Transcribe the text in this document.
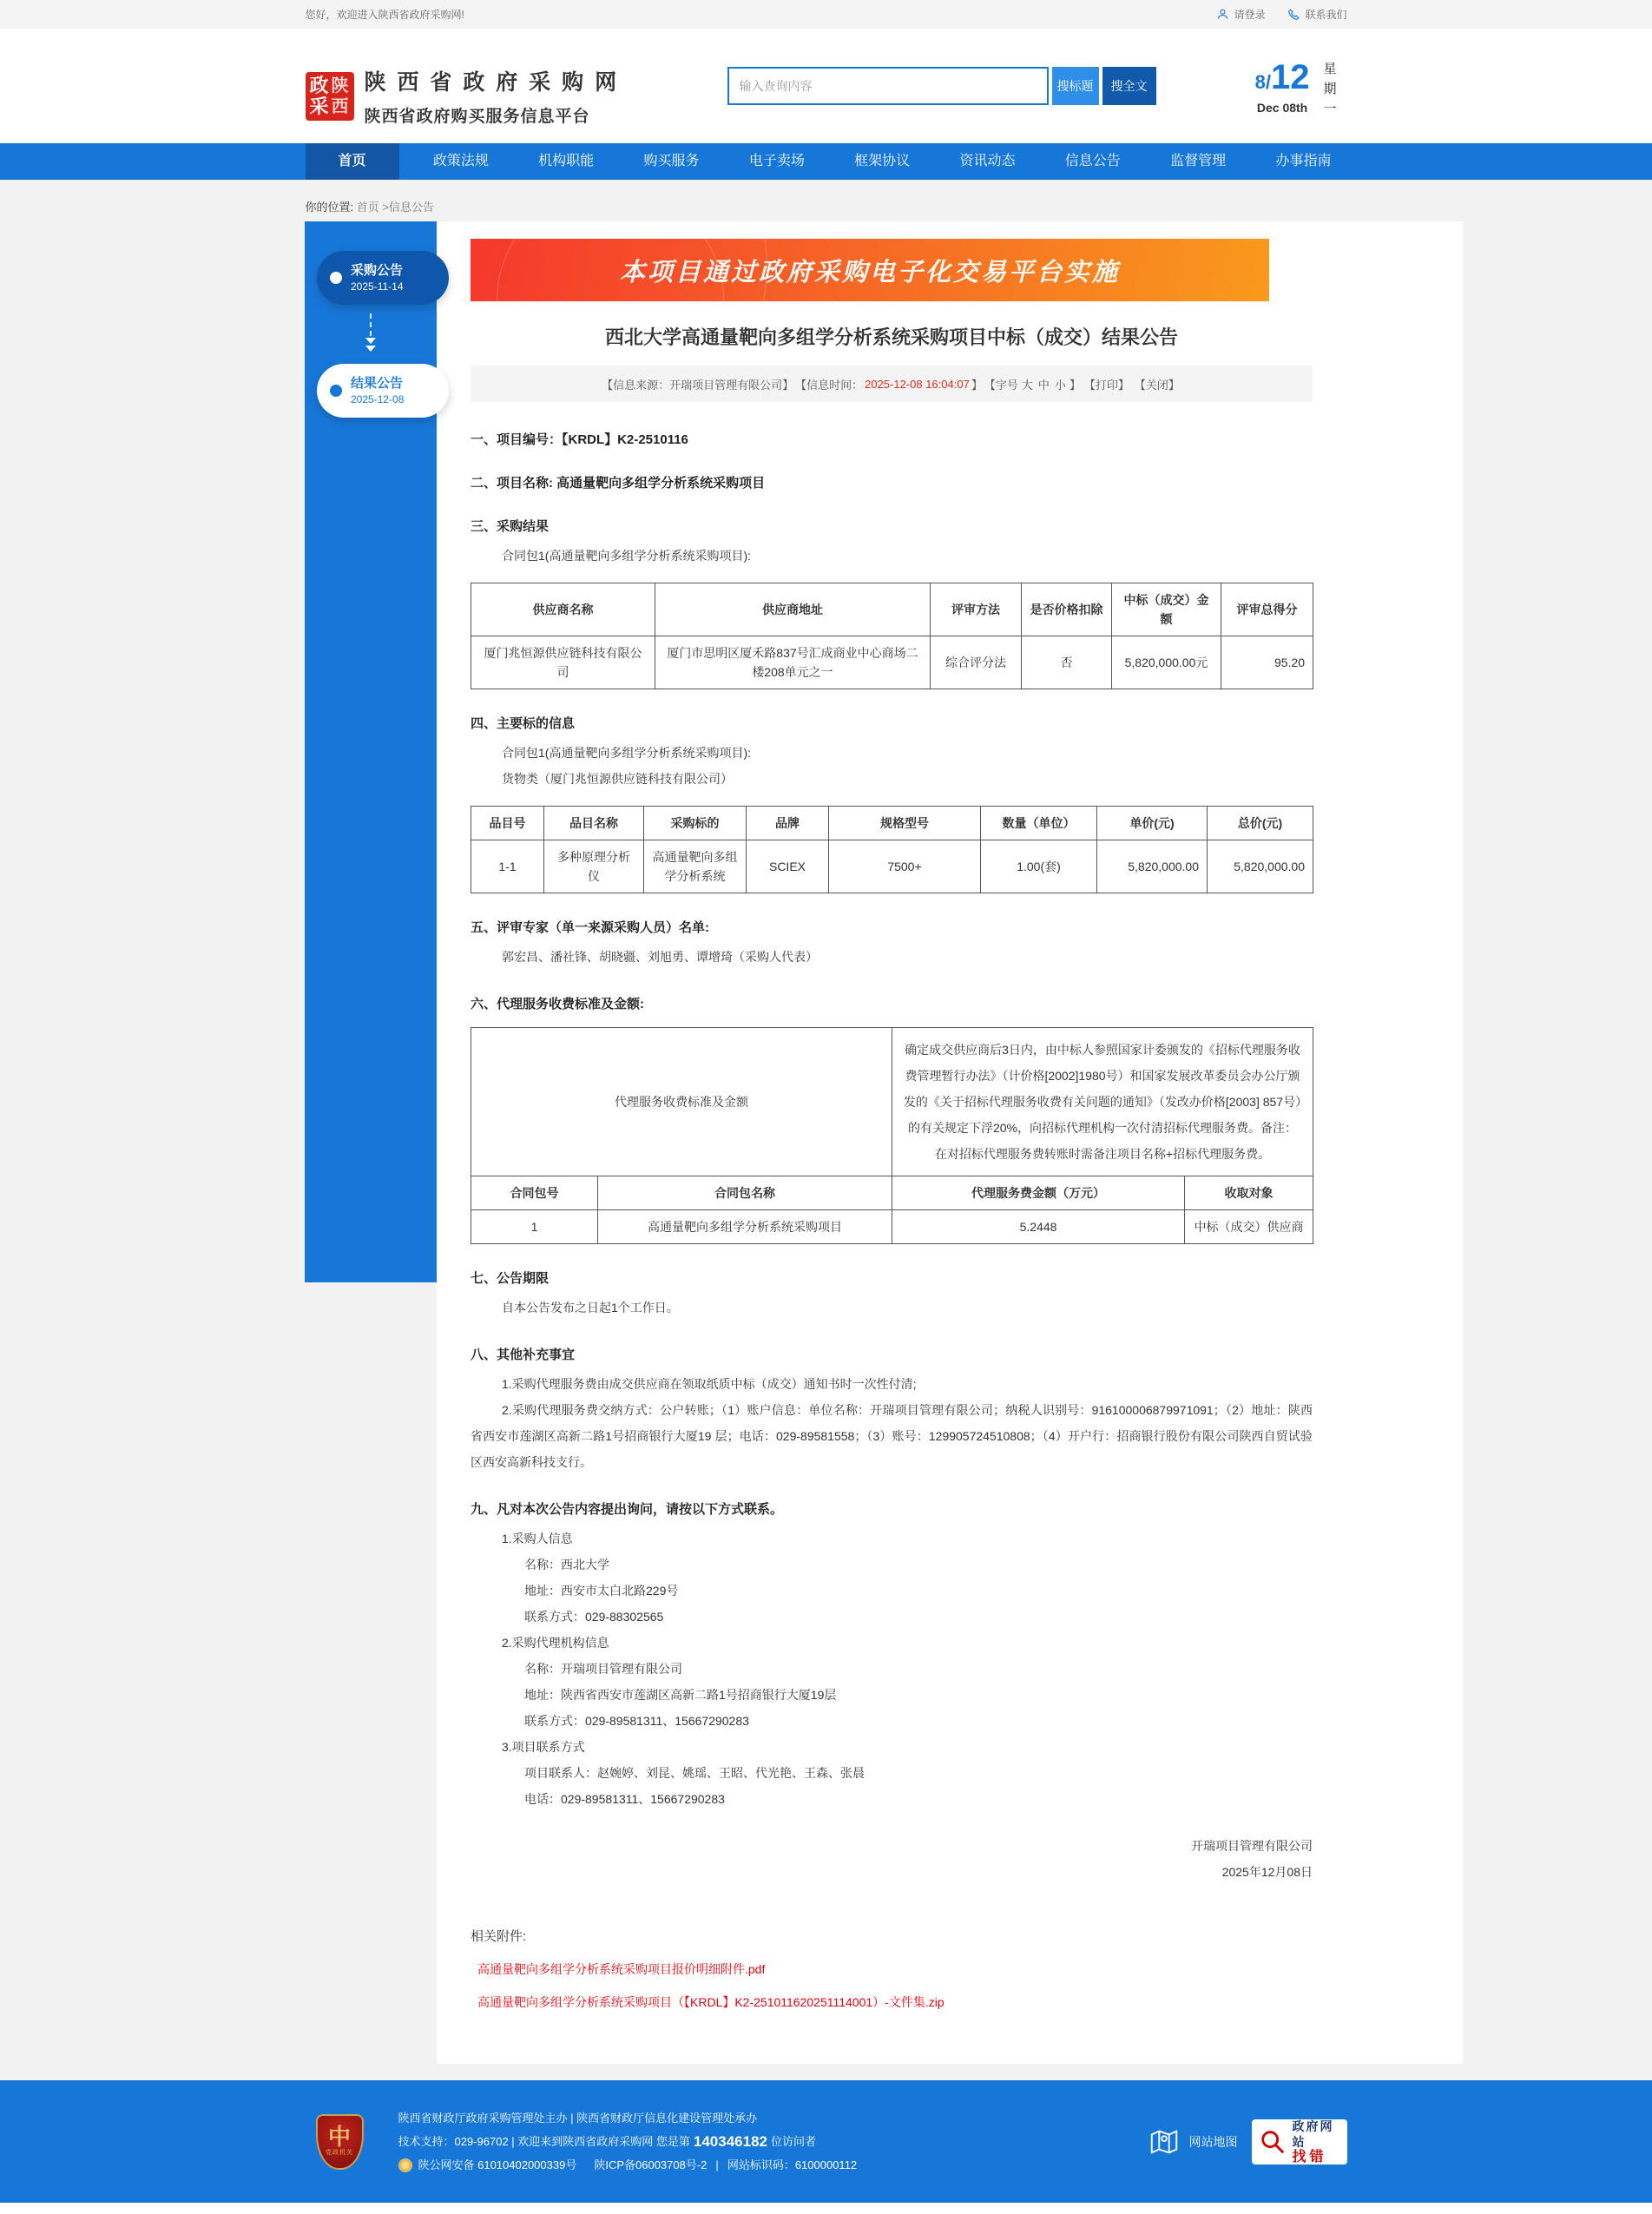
您好，欢迎进入陕西省政府采购网!	请登录	联系我们
政 陕
采 西
陕 西 省 政 府 采 购 网
陕西省政府购买服务信息平台
输入查询内容
搜标题	搜全文	8/12
Dec 08th 星期一
首页	政策法规	机构职能	购买服务	电子卖场	框架协议	资讯动态	信息公告	监督管理	办事指南
你的位置: 首页 >信息公告
采购公告
2025-11-14
结果公告
2025-12-08
本项目通过政府采购电子化交易平台实施
西北大学高通量靶向多组学分析系统采购项目中标（成交）结果公告
【信息来源：开瑞项目管理有限公司】 【信息时间： 2025-12-08 16:04:07 】 【字号 大 中 小 】 【打印】 【关闭】
一、项目编号：【KRDL】K2-2510116
二、项目名称: 高通量靶向多组学分析系统采购项目
三、采购结果
合同包1(高通量靶向多组学分析系统采购项目):
供应商名称	供应商地址	评审方法	是否价格扣除	中标（成交）金额	评审总得分
厦门兆恒源供应链科技有限公司	厦门市思明区厦禾路837号汇成商业中心商场二楼208单元之一	综合评分法	否	5,820,000.00元	95.20
四、主要标的信息
合同包1(高通量靶向多组学分析系统采购项目):
货物类（厦门兆恒源供应链科技有限公司）
品目号	品目名称	采购标的	品牌	规格型号	数量（单位）	单价(元)	总价(元)
1-1	多种原理分析仪	高通量靶向多组学分析系统	SCIEX	7500+	1.00(套)	5,820,000.00	5,820,000.00
五、评审专家（单一来源采购人员）名单:
郭宏昌、潘社锋、胡晓疆、刘旭勇、谭增琦（采购人代表）
六、代理服务收费标准及金额:
代理服务收费标准及金额		确定成交供应商后3日内，由中标人参照国家计委颁发的《招标代理服务收费管理暂行办法》（计价格[2002]1980号）和国家发展改革委员会办公厅颁发的《关于招标代理服务收费有关问题的通知》（发改办价格[2003] 857号）的有关规定下浮20%，向招标代理机构一次付清招标代理服务费。备注：在对招标代理服务费转账时需备注项目名称+招标代理服务费。	
合同包号	合同包名称	代理服务费金额（万元）	收取对象
1	高通量靶向多组学分析系统采购项目	5.2448	中标（成交）供应商
七、公告期限
自本公告发布之日起1个工作日。
八、其他补充事宜
1.采购代理服务费由成交供应商在领取纸质中标（成交）通知书时一次性付清;
2.采购代理服务费交纳方式：公户转账；（1）账户信息：单位名称：开瑞项目管理有限公司；纳税人识别号：916100006879971091；（2）地址：陕西省西安市莲湖区高新二路1号招商银行大厦19 层；电话：029-89581558；（3）账号：129905724510808；（4）开户行：招商银行股份有限公司陕西自贸试验区西安高新科技支行。
九、凡对本次公告内容提出询问，请按以下方式联系。
1.采购人信息
名称：西北大学
地址：西安市太白北路229号
联系方式：029-88302565
2.采购代理机构信息
名称：开瑞项目管理有限公司
地址：陕西省西安市莲湖区高新二路1号招商银行大厦19层
联系方式：029-89581311、15667290283
3.项目联系方式
项目联系人：赵婉婷、刘昆、姚瑶、王昭、代光艳、王森、张晨
电话：029-89581311、15667290283
开瑞项目管理有限公司
2025年12月08日
相关附件:
高通量靶向多组学分析系统采购项目报价明细附件.pdf
高通量靶向多组学分析系统采购项目（【KRDL】K2-251011620251114001）-文件集.zip
中
党政机关
陕西省财政厅政府采购管理处主办 | 陕西省财政厅信息化建设管理处承办
技术支持：029-96702 | 欢迎来到陕西省政府采购网 您是第 140346182 位访问者
陕公网安备 61010402000339号 陕ICP备06003708号-2 | 网站标识码：6100000112
网站地图
政府网站
找错
